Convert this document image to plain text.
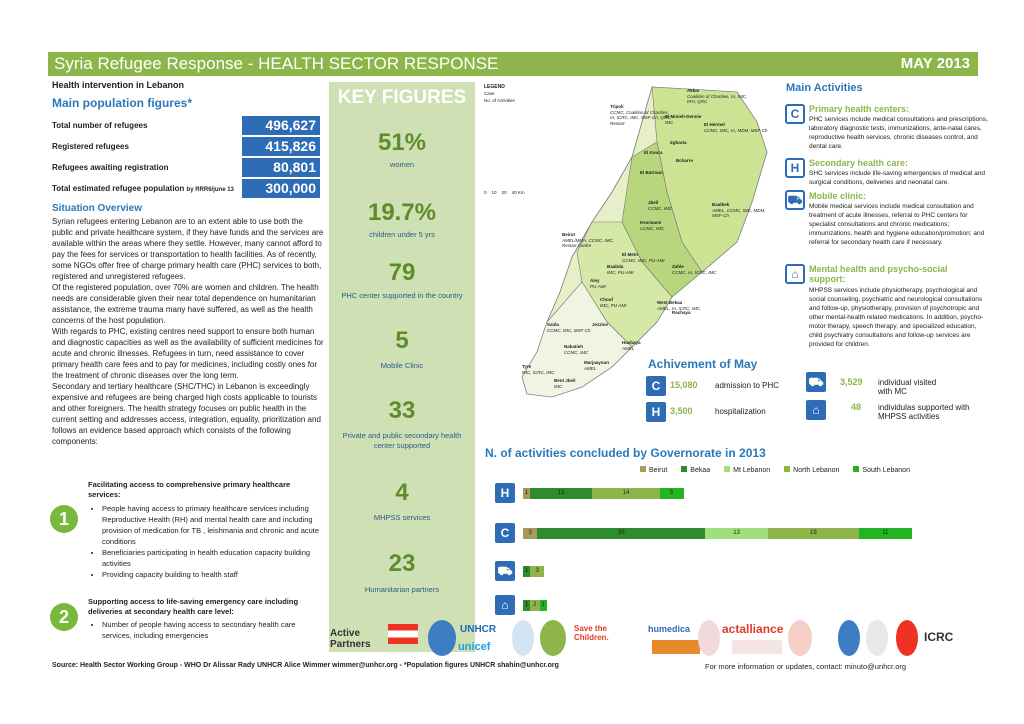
Syria Refugee Response - HEALTH SECTOR RESPONSE	MAY 2013
Health intervention in Lebanon
Main population figures*
Total number of refugees	496,627
Registered refugees	415,826
Refugees awaiting registration	80,801
Total estimated refugee population by RRR6/june 13	300,000
Situation Overview

Syrian refugees entering Lebanon are to an extent able to use both the public and private healthcare system, if they have funds and the services are available within the areas where they settle. However, many cannot afford to pay the fees for services or transportation to health facilities. As of recently, some NGOs offer free of charge primary health care (PHC) services to both, registered and unregistered refugees.

Of the registered population, over 70% are women and children. The health needs are considerable given their near total dependence on humanitarian assistance, the extreme trauma many have suffered, as well as the health concerns of the host population.

With regards to PHC, existing centres need support to ensure both human and diagnostic capacities as well as the availability of sufficient medicines for acute and chronic illnesses. Refugees in turn, need assistance to cover primary health care fees and to pay for medicines, including costly ones for the treatment of chronic diseases over the long term.

Secondary and tertiary healthcare (SHC/THC) in Lebanon is exceedingly expensive and refugees are being charged high costs applicable to tourists and other foreigners. The health strategy focuses on public health in the current setting and addresses access, integration, equality, prioritization and follows an evidence based approach which consists of the following components:

1
Facilitating access to comprehensive primary healthcare services:
• People having access to primary healthcare services including Reproductive Health (RH) and mental health care and including provision of medication for TB , leishmania and chronic and acute conditions
• Beneficiaries participating in health education capacity building activities
• Providing capacity building to health staff
2
Supporting access to life-saving emergency care including deliveries at secondary health care level:
• Number of people having access to secondary health care services, including emergencies
KEY FIGURES
51%
women
19.7%
children under 5 yrs
79
PHC center supported in the country
5
Mobile Clinic
33
Private and public secondary health center supported
4
MHPSS services
23
Humanitarian partners
LEGEND
Case
No. of Activities
0 10 20 40 Km
Akkar
Coalition of Charities, IA, IMC, IRH, QRC
Tripoli
CCMC, Coalition of Charities, IA, ICRC, IMC, MSF-Ch, QRC, Restart
El Minieh-Dennie
IMC	El Hermel
CCMC, IMC, IA, MDM, MSF-Ch
Zgharta
El Koura
Bcharre
El Batroun
Baalbek
AMEL, CCMC, IMC, MDM, MSF-Ch
Jbeil
CCMC, IMC
Kesrwane
CCMC, IMC
Beirut
AMEL/MMA, CCMC, IMC, Restart Centre
El Metn
CCMC, IMC, PU-AMI
Baabda
IMC, PU-AMI
Zahle
CCMC, IA, ICRC, IMC
Aley
PU-AMI
Chouf
IMC, PU-AMI	West Bekaa
AMEL, IA, ICRC, IMC
Jezzine
Rachaya
Saida
CCMC, IMC, MSF-Ch
Nabatieh
CCMC, IMC
Hasbaya
AMEL
Tyre
IMC, ICRC, IMC
Marjaayoun
AMEL
Bent Jbeil
IMC
Main Activities
C	Primary health centers:
PHC services include medical consultations and prescriptions, laboratory diagnostic tests, immunizations, ante-natal cares, reproductive health services, chronic diseases control, and dental care.
H	Secondary health care:
SHC services include life-saving emergencies of medical and surgical conditions, deliveries and neonatal care.
⛟ Mobile clinic:
Mobile medical services include medical consultation and treatment of acute illnesses, referral to PHC centers for specialist consultations and chronic medications; immunizations, health and hygiene education/promotion; and referral for secondary health care if necessary.
⌂	Mental health and psycho-social support:
MHPSS services include physiotherapy, psychological and social counseling, psychiatric and neurological consultations and follow-up, physiotherapy, provision of psychotropic and other mental-health related medications. In addition, psycho-motor therapy, speech therapy, and specialized education, child psychiatry consultations and follow-up services are provided for children.
Achivement of May
C	15,080 admission to PHC
H	3,500	hospitalization
⛟ 3,529 individual visited with MC
⌂	48 individulas supported with MHPSS activities
N. of activities concluded by Governorate in 2013
Beirut	Bekaa	Mt Lebanon	North Lebanon	South Lebanon
H	1	13	14	5
C	3	35	13	19	11
⛟	1	3
⌂	1 2 1
Active Partners
UNHCR
unicef
Save the Children.
humedica	actalliance
ICRC
Source: Health Sector Working Group - WHO Dr Alissar Rady UNHCR Alice Wimmer wimmer@unhcr.org - *Population figures UNHCR shahin@unhcr.org	For more information or updates, contact: minuto@unhcr.org
